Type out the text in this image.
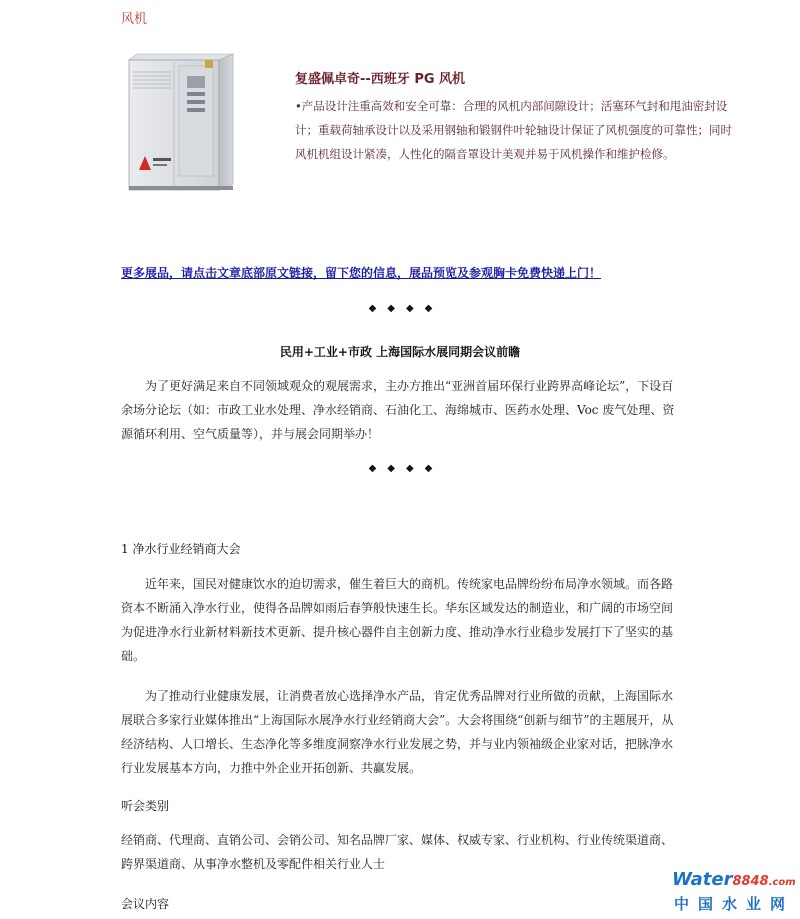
风机
复盛佩卓奇--西班牙 PG 风机
•产品设计注重高效和安全可靠：合理的风机内部间隙设计；活塞环气封和甩油密封设计；重载荷轴承设计以及采用钢轴和锻钢件叶轮轴设计保证了风机强度的可靠性；同时风机机组设计紧凑，人性化的隔音罩设计美观并易于风机操作和维护检修。
更多展品，请点击文章底部原文链接，留下您的信息，展品预览及参观胸卡免费快递上门！
◆◆◆◆
民用+工业+市政 上海国际水展同期会议前瞻
为了更好满足来自不同领域观众的观展需求，主办方推出“亚洲首届环保行业跨界高峰论坛”，下设百余场分论坛（如：市政工业水处理、净水经销商、石油化工、海绵城市、医药水处理、Voc 废气处理、资源循环利用、空气质量等），并与展会同期举办！
◆◆◆◆
1 净水行业经销商大会
近年来，国民对健康饮水的迫切需求，催生着巨大的商机。传统家电品牌纷纷布局净水领域。而各路资本不断涌入净水行业，使得各品牌如雨后春笋般快速生长。华东区域发达的制造业，和广阔的市场空间为促进净水行业新材料新技术更新、提升核心器件自主创新力度、推动净水行业稳步发展打下了坚实的基础。
为了推动行业健康发展，让消费者放心选择净水产品，肯定优秀品牌对行业所做的贡献，上海国际水展联合多家行业媒体推出“上海国际水展净水行业经销商大会”。大会将围绕“创新与细节”的主题展开，从经济结构、人口增长、生态净化等多维度洞察净水行业发展之势，并与业内领袖级企业家对话，把脉净水行业发展基本方向，力推中外企业开拓创新、共赢发展。
听会类别
经销商、代理商、直销公司、会销公司、知名品牌厂家、媒体、权威专家、行业机构、行业传统渠道商、跨界渠道商、从事净水整机及零配件相关行业人士
会议内容
Water8848.com
中国水业网
